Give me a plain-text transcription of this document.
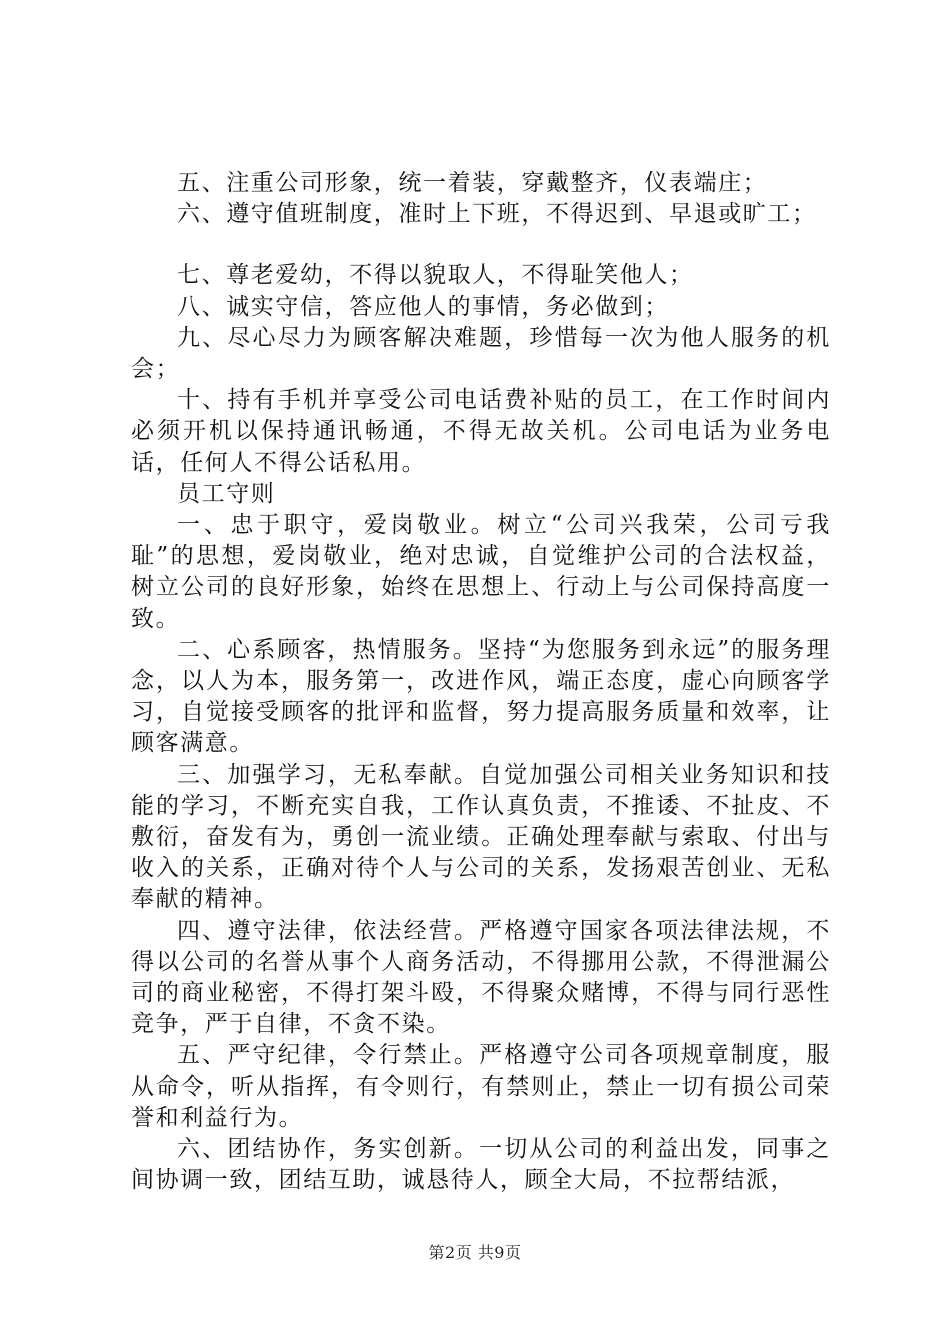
五、注重公司形象，统一着装，穿戴整齐，仪表端庄；

六、遵守值班制度，准时上下班，不得迟到、早退或旷工；

七、尊老爱幼，不得以貌取人，不得耻笑他人；

八、诚实守信，答应他人的事情，务必做到；

九、尽心尽力为顾客解决难题，珍惜每一次为他人服务的机会；

十、持有手机并享受公司电话费补贴的员工，在工作时间内必须开机以保持通讯畅通，不得无故关机。公司电话为业务电话，任何人不得公话私用。

员工守则

一、忠于职守，爱岗敬业。树立“公司兴我荣，公司亏我耻”的思想，爱岗敬业，绝对忠诚，自觉维护公司的合法权益，树立公司的良好形象，始终在思想上、行动上与公司保持高度一致。

二、心系顾客，热情服务。坚持“为您服务到永远”的服务理念，以人为本，服务第一，改进作风，端正态度，虚心向顾客学习，自觉接受顾客的批评和监督，努力提高服务质量和效率，让顾客满意。

三、加强学习，无私奉献。自觉加强公司相关业务知识和技能的学习，不断充实自我，工作认真负责，不推诿、不扯皮、不敷衍，奋发有为，勇创一流业绩。正确处理奉献与索取、付出与收入的关系，正确对待个人与公司的关系，发扬艰苦创业、无私奉献的精神。

四、遵守法律，依法经营。严格遵守国家各项法律法规，不得以公司的名誉从事个人商务活动，不得挪用公款，不得泄漏公司的商业秘密，不得打架斗殴，不得聚众赌博，不得与同行恶性竞争，严于自律，不贪不染。

五、严守纪律，令行禁止。严格遵守公司各项规章制度，服从命令，听从指挥，有令则行，有禁则止，禁止一切有损公司荣誉和利益行为。

六、团结协作，务实创新。一切从公司的利益出发，同事之间协调一致，团结互助，诚恳待人，顾全大局，不拉帮结派，

第2页 共9页
